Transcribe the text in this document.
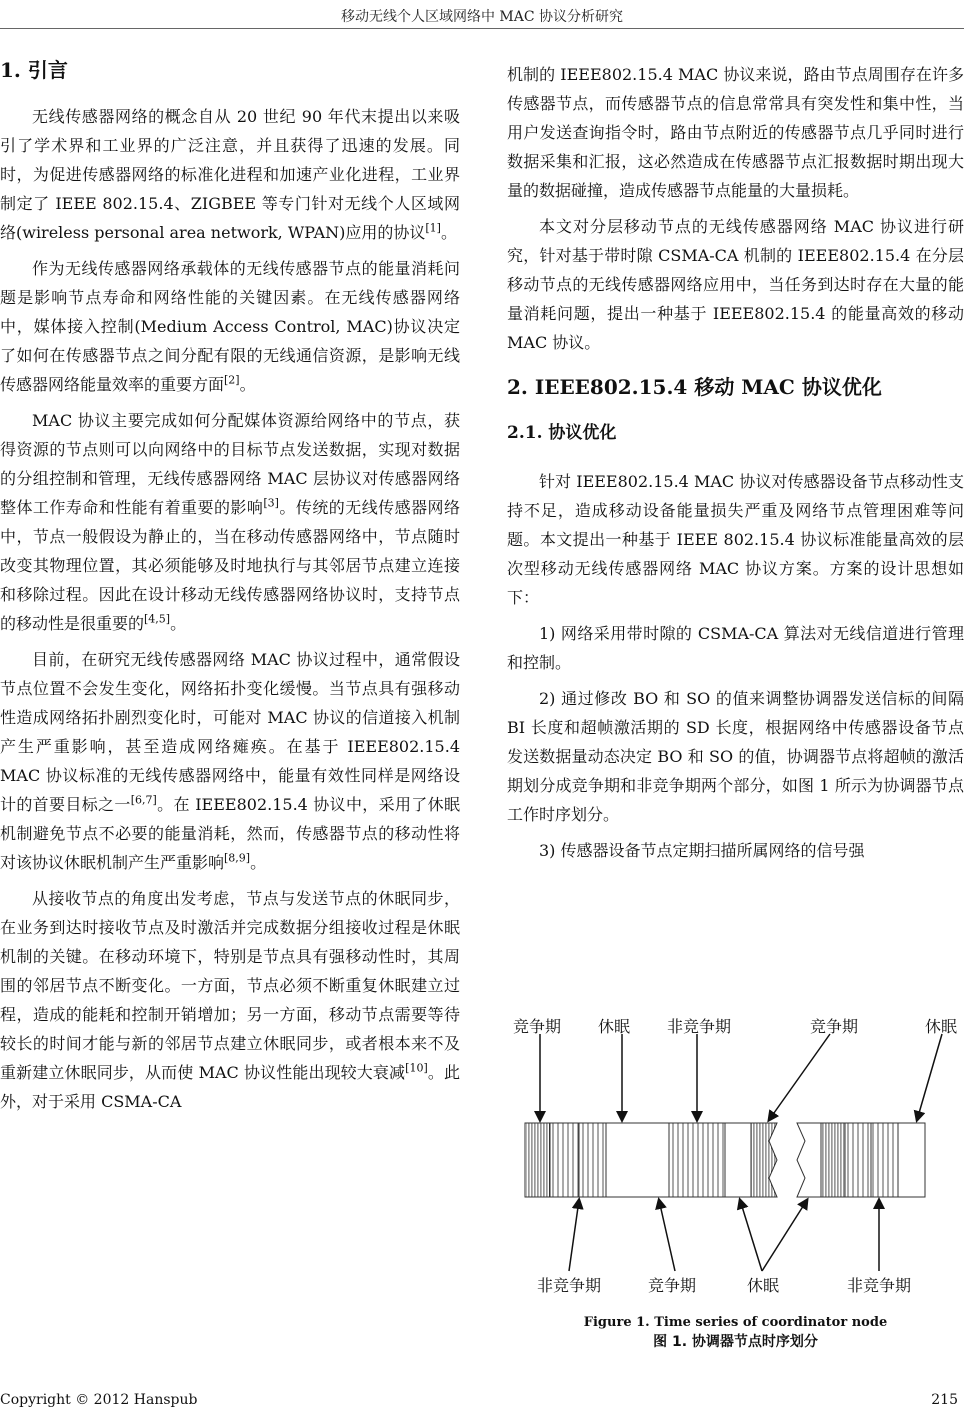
移动无线个人区域网络中 MAC 协议分析研究
1. 引言

无线传感器网络的概念自从 20 世纪 90 年代末提出以来吸引了学术界和工业界的广泛注意，并且获得了迅速的发展。同时，为促进传感器网络的标准化进程和加速产业化进程，工业界制定了 IEEE 802.15.4、ZIGBEE 等专门针对无线个人区域网络(wireless personal area network, WPAN)应用的协议[1]。

作为无线传感器网络承载体的无线传感器节点的能量消耗问题是影响节点寿命和网络性能的关键因素。在无线传感器网络中，媒体接入控制(Medium Access Control, MAC)协议决定了如何在传感器节点之间分配有限的无线通信资源，是影响无线传感器网络能量效率的重要方面[2]。

MAC 协议主要完成如何分配媒体资源给网络中的节点，获得资源的节点则可以向网络中的目标节点发送数据，实现对数据的分组控制和管理，无线传感器网络 MAC 层协议对传感器网络整体工作寿命和性能有着重要的影响[3]。传统的无线传感器网络中，节点一般假设为静止的，当在移动传感器网络中，节点随时改变其物理位置，其必须能够及时地执行与其邻居节点建立连接和移除过程。因此在设计移动无线传感器网络协议时，支持节点的移动性是很重要的[4,5]。

目前，在研究无线传感器网络 MAC 协议过程中，通常假设节点位置不会发生变化，网络拓扑变化缓慢。当节点具有强移动性造成网络拓扑剧烈变化时，可能对 MAC 协议的信道接入机制产生严重影响，甚至造成网络瘫痪。在基于 IEEE802.15.4 MAC 协议标准的无线传感器网络中，能量有效性同样是网络设计的首要目标之一[6,7]。在 IEEE802.15.4 协议中，采用了休眠机制避免节点不必要的能量消耗，然而，传感器节点的移动性将对该协议休眠机制产生严重影响[8,9]。

从接收节点的角度出发考虑，节点与发送节点的休眠同步，在业务到达时接收节点及时激活并完成数据分组接收过程是休眠机制的关键。在移动环境下，特别是节点具有强移动性时，其周围的邻居节点不断变化。一方面，节点必须不断重复休眠建立过程，造成的能耗和控制开销增加；另一方面，移动节点需要等待较长的时间才能与新的邻居节点建立休眠同步，或者根本来不及重新建立休眠同步，从而使 MAC 协议性能出现较大衰减[10]。此外，对于采用 CSMA-CA

机制的 IEEE802.15.4 MAC 协议来说，路由节点周围存在许多传感器节点，而传感器节点的信息常常具有突发性和集中性，当用户发送查询指令时，路由节点附近的传感器节点几乎同时进行数据采集和汇报，这必然造成在传感器节点汇报数据时期出现大量的数据碰撞，造成传感器节点能量的大量损耗。

本文对分层移动节点的无线传感器网络 MAC 协议进行研究，针对基于带时隙 CSMA-CA 机制的 IEEE802.15.4 在分层移动节点的无线传感器网络应用中，当任务到达时存在大量的能量消耗问题，提出一种基于 IEEE802.15.4 的能量高效的移动 MAC 协议。

2. IEEE802.15.4 移动 MAC 协议优化
2.1. 协议优化

针对 IEEE802.15.4 MAC 协议对传感器设备节点移动性支持不足，造成移动设备能量损失严重及网络节点管理困难等问题。本文提出一种基于 IEEE 802.15.4 协议标准能量高效的层次型移动无线传感器网络 MAC 协议方案。方案的设计思想如下：

1) 网络采用带时隙的 CSMA-CA 算法对无线信道进行管理和控制。

2) 通过修改 BO 和 SO 的值来调整协调器发送信标的间隔 BI 长度和超帧激活期的 SD 长度，根据网络中传感器设备节点发送数据量动态决定 BO 和 SO 的值，协调器节点将超帧的激活期划分成竞争期和非竞争期两个部分，如图 1 所示为协调器节点工作时序划分。

3) 传感器设备节点定期扫描所属网络的信号强

竞争期 休眠 非竞争期	竞争期	休眠
非竞争期	竞争期	休眠	非竞争期
Figure 1. Time series of coordinator node
图 1. 协调器节点时序划分
Copyright © 2012 Hanspub	215
